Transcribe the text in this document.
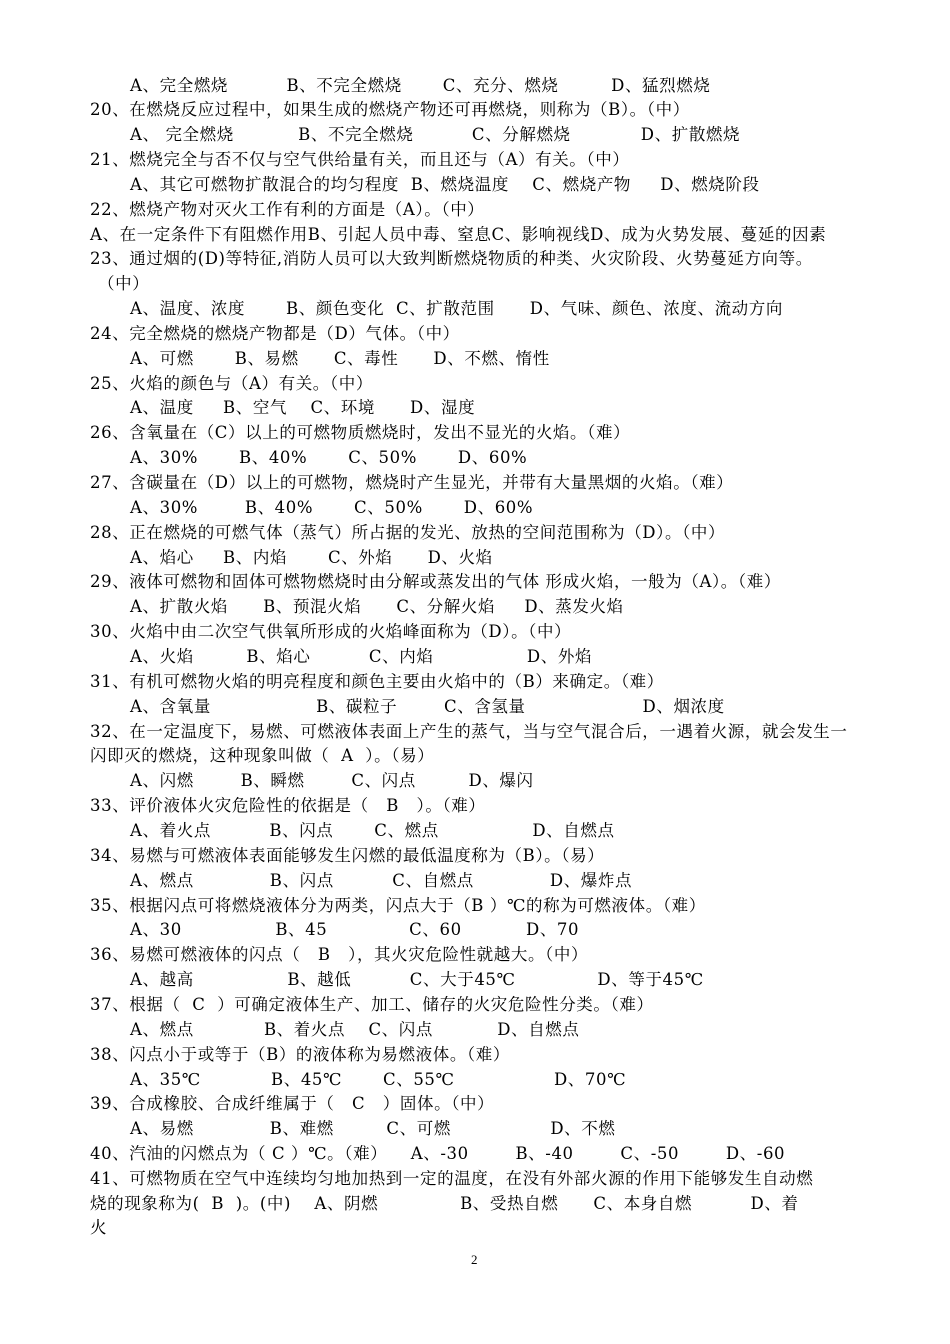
A、完全燃烧          B、不完全燃烧       C、充分、燃烧         D、猛烈燃烧
20、在燃烧反应过程中，如果生成的燃烧产物还可再燃烧，则称为（B）。（中）
A、 完全燃烧           B、不完全燃烧          C、分解燃烧            D、扩散燃烧
21、燃烧完全与否不仅与空气供给量有关，而且还与（A）有关。（中）
A、其它可燃物扩散混合的均匀程度  B、燃烧温度    C、燃烧产物     D、燃烧阶段
22、燃烧产物对灭火工作有利的方面是（A）。（中）
A、在一定条件下有阻燃作用B、引起人员中毒、窒息C、影响视线D、成为火势发展、蔓延的因素
23、通过烟的(D)等特征,消防人员可以大致判断燃烧物质的种类、火灾阶段、火势蔓延方向等。
（中）
A、温度、浓度       B、颜色变化  C、扩散范围      D、气味、颜色、浓度、流动方向
24、完全燃烧的燃烧产物都是（D）气体。（中）
A、可燃       B、易燃      C、毒性      D、不燃、惰性
25、火焰的颜色与（A）有关。（中）
A、温度     B、空气    C、环境      D、湿度
26、含氧量在（C）以上的可燃物质燃烧时，发出不显光的火焰。（难）
A、30%       B、40%       C、50%       D、60%
27、含碳量在（D）以上的可燃物，燃烧时产生显光，并带有大量黑烟的火焰。（难）
A、30%        B、40%       C、50%       D、60%
28、正在燃烧的可燃气体（蒸气）所占据的发光、放热的空间范围称为（D）。（中）
A、焰心     B、内焰       C、外焰      D、火焰
29、液体可燃物和固体可燃物燃烧时由分解或蒸发出的气体 形成火焰，一般为（A）。（难）
A、扩散火焰      B、预混火焰      C、分解火焰     D、蒸发火焰
30、火焰中由二次空气供氧所形成的火焰峰面称为（D）。（中）
A、火焰         B、焰心          C、内焰                D、外焰
31、有机可燃物火焰的明亮程度和颜色主要由火焰中的（B）来确定。（难）
A、含氧量                  B、碳粒子        C、含氢量                    D、烟浓度
32、在一定温度下，易燃、可燃液体表面上产生的蒸气，当与空气混合后，一遇着火源，就会发生一
闪即灭的燃烧，这种现象叫做（  A  ）。（易）
A、闪燃        B、瞬燃        C、闪点         D、爆闪
33、评价液体火灾危险性的依据是（   B   ）。（难）
A、着火点          B、闪点       C、燃点                D、自燃点
34、易燃与可燃液体表面能够发生闪燃的最低温度称为（B）。（易）
A、燃点             B、闪点          C、自燃点             D、爆炸点
35、根据闪点可将燃烧液体分为两类，闪点大于（B ）℃的称为可燃液体。（难）
A、30                B、45              C、60           D、70
36、易燃可燃液体的闪点（   B   ），其火灾危险性就越大。（中）
A、越高                B、越低          C、大于45℃              D、等于45℃
37、根据（  C  ）可确定液体生产、加工、储存的火灾危险性分类。（难）
A、燃点            B、着火点    C、闪点           D、自燃点
38、闪点小于或等于（B）的液体称为易燃液体。（难）
A、35℃            B、45℃       C、55℃                 D、70℃
39、合成橡胶、合成纤维属于（   C   ）固体。（中）
A、易燃             B、难燃         C、可燃                 D、不燃
40、汽油的闪燃点为（ C ）℃。（难）    A、-30        B、-40        C、-50        D、-60
41、可燃物质在空气中连续均匀地加热到一定的温度，在没有外部火源的作用下能够发生自动燃
烧的现象称为(  B  )。(中)    A、阴燃              B、受热自燃      C、本身自燃          D、着
火
2
